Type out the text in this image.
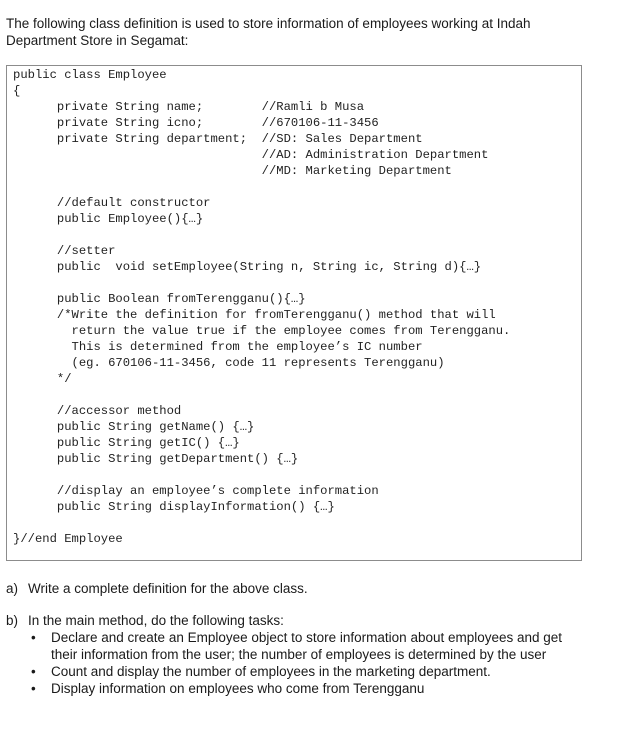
The following class definition is used to store information of employees working at Indah
Department Store in Segamat:
public class Employee
{
private String name;        //Ramli b Musa
private String icno;        //670106-11-3456
private String department;  //SD: Sales Department
//AD: Administration Department
//MD: Marketing Department
//default constructor
public Employee(){…}
//setter
public  void setEmployee(String n, String ic, String d){…}
public Boolean fromTerengganu(){…}
/*Write the definition for fromTerengganu() method that will
return the value true if the employee comes from Terengganu.
This is determined from the employee’s IC number
(eg. 670106-11-3456, code 11 represents Terengganu)
*/
//accessor method
public String getName() {…}
public String getIC() {…}
public String getDepartment() {…}
//display an employee’s complete information
public String displayInformation() {…}
}//end Employee
a) Write a complete definition for the above class.
b) In the main method, do the following tasks:
• Declare and create an Employee object to store information about employees and get
their information from the user; the number of employees is determined by the user
• Count and display the number of employees in the marketing department.
• Display information on employees who come from Terengganu
